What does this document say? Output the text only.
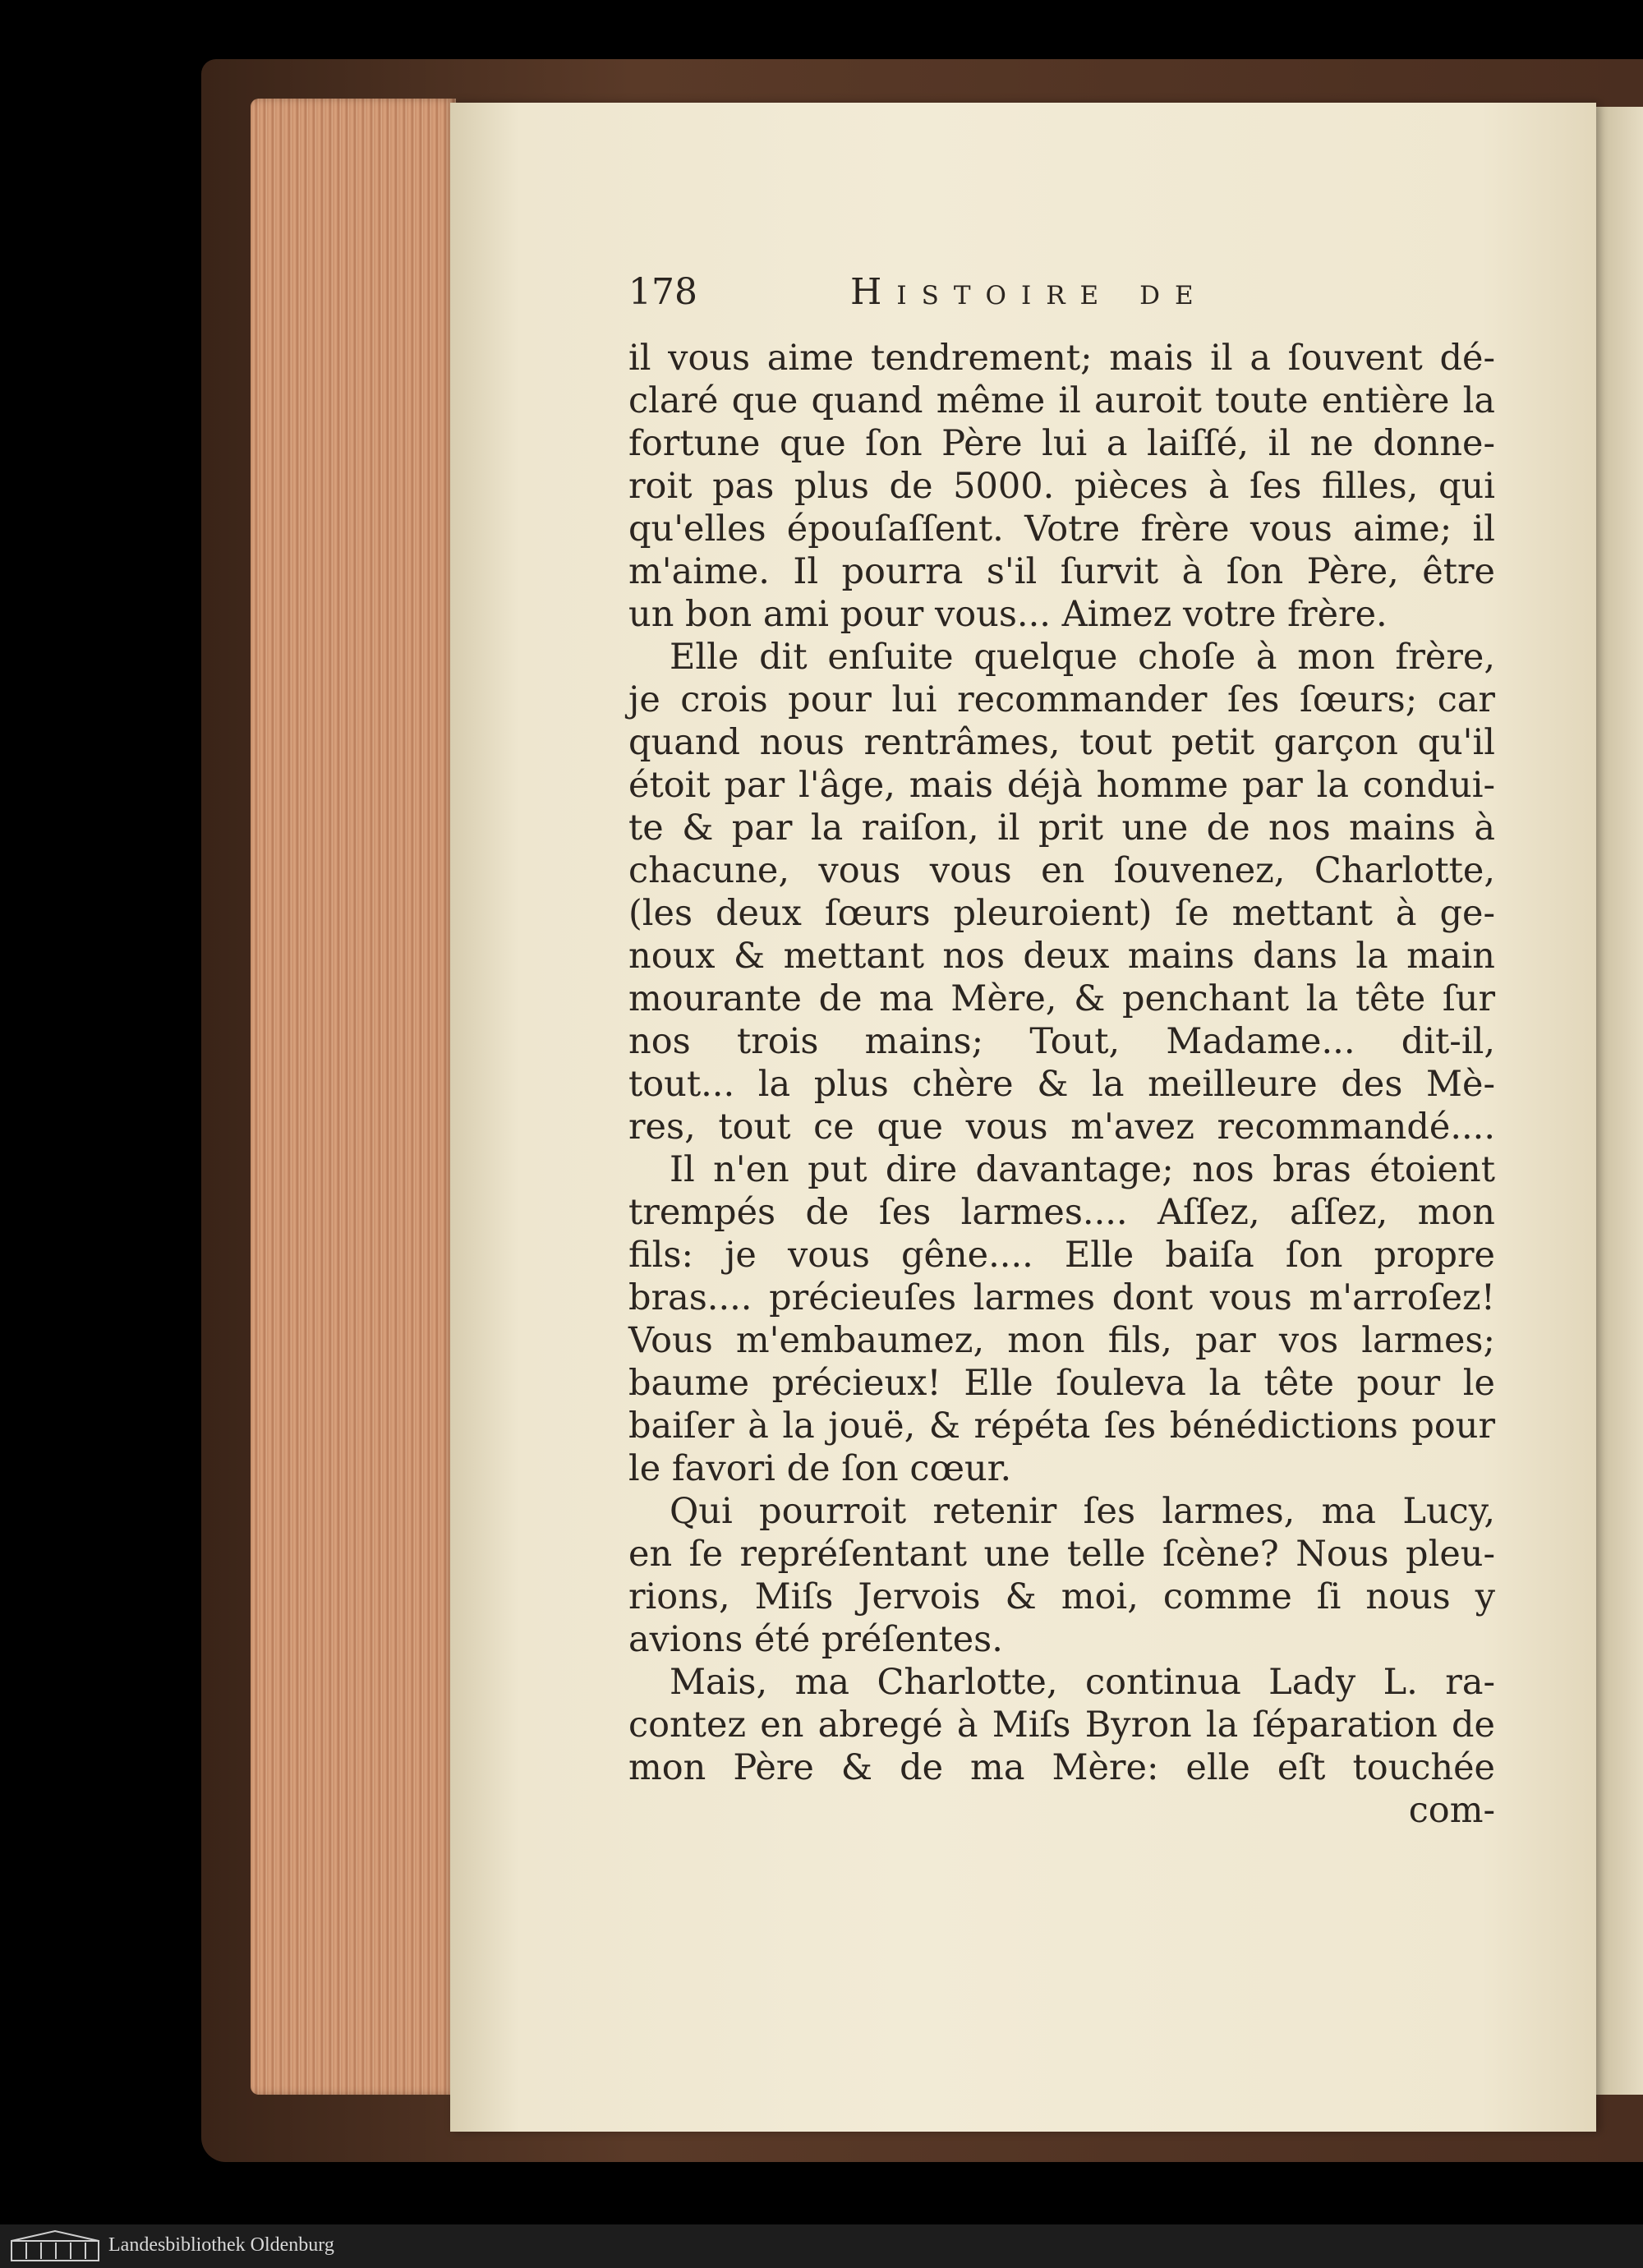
178	Histoire de
il vous aime tendrement; mais il a ſouvent dé-
claré que quand même il auroit toute entière la
fortune que ſon Père lui a laiſſé, il ne donne-
roit pas plus de 5000. pièces à ſes filles, qui
qu'elles épouſaſſent. Votre frère vous aime; il
m'aime. Il pourra s'il ſurvit à ſon Père, être
un bon ami pour vous... Aimez votre frère.
Elle dit enſuite quelque choſe à mon frère,
je crois pour lui recommander ſes ſœurs; car
quand nous rentrâmes, tout petit garçon qu'il
étoit par l'âge, mais déjà homme par la condui-
te & par la raiſon, il prit une de nos mains à
chacune, vous vous en ſouvenez, Charlotte,
(les deux ſœurs pleuroient) ſe mettant à ge-
noux & mettant nos deux mains dans la main
mourante de ma Mère, & penchant la tête ſur
nos trois mains; Tout, Madame... dit-il,
tout... la plus chère & la meilleure des Mè-
res, tout ce que vous m'avez recommandé....
Il n'en put dire davantage; nos bras étoient
trempés de ſes larmes.... Aſſez, aſſez, mon
fils: je vous gêne.... Elle baiſa ſon propre
bras.... précieuſes larmes dont vous m'arroſez!
Vous m'embaumez, mon fils, par vos larmes;
baume précieux! Elle ſouleva la tête pour le
baiſer à la jouë, & répéta ſes bénédictions pour
le favori de ſon cœur.
Qui pourroit retenir ſes larmes, ma Lucy,
en ſe repréſentant une telle ſcène? Nous pleu-
rions, Miſs Jervois & moi, comme ſi nous y
avions été préſentes.
Mais, ma Charlotte, continua Lady L. ra-
contez en abregé à Miſs Byron la ſéparation de
mon Père & de ma Mère: elle eſt touchée
com-
Landesbibliothek Oldenburg
